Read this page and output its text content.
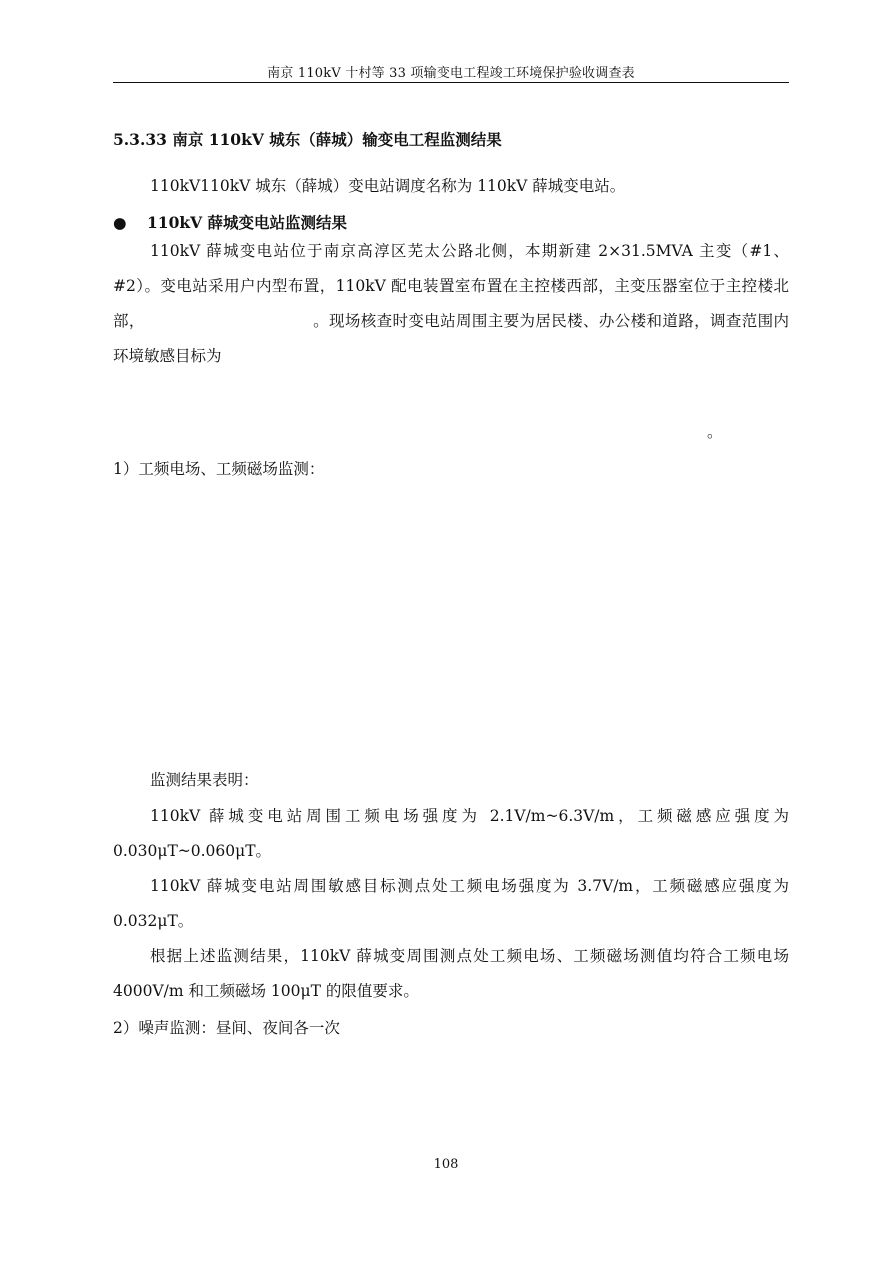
南京 110kV 十村等 33 项输变电工程竣工环境保护验收调查表
5.3.33 南京 110kV 城东（薛城）输变电工程监测结果
110kV110kV 城东（薛城）变电站调度名称为 110kV 薛城变电站。
● 110kV 薛城变电站监测结果
110kV 薛城变电站位于南京高淳区芜太公路北侧，本期新建 2×31.5MVA 主变（#1、#2）。变电站采用户内型布置，110kV 配电装置室布置在主控楼西部，主变压器室位于主控楼北部，	。现场核查时变电站周围主要为居民楼、办公楼和道路，调查范围内环境敏感目标为
。
1）工频电场、工频磁场监测：
监测结果表明：
110kV 薛城变电站周围工频电场强度为 2.1V/m~6.3V/m，工频磁感应强度为 0.030μT~0.060μT。
110kV 薛城变电站周围敏感目标测点处工频电场强度为 3.7V/m，工频磁感应强度为 0.032μT。
根据上述监测结果，110kV 薛城变周围测点处工频电场、工频磁场测值均符合工频电场 4000V/m 和工频磁场 100μT 的限值要求。
2）噪声监测：昼间、夜间各一次
108
